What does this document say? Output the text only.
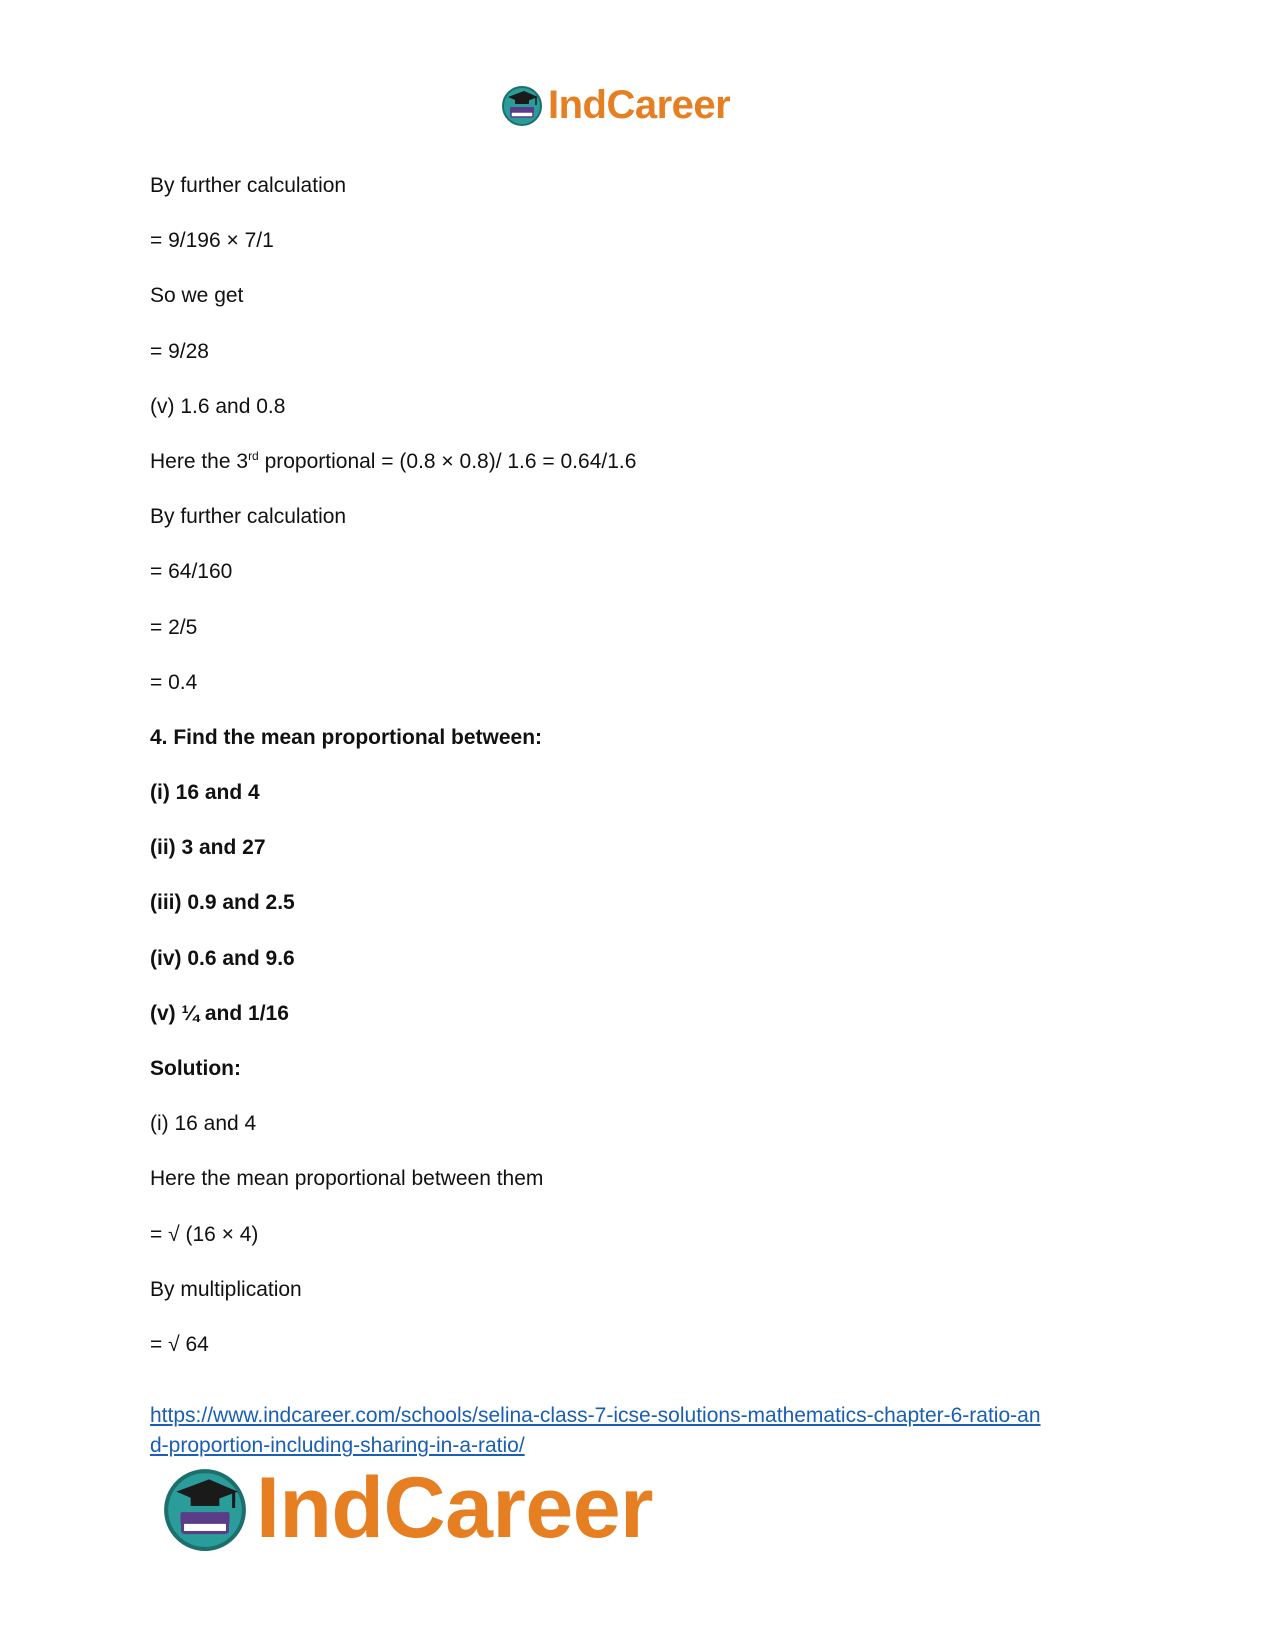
IndCareer
By further calculation
= 9/196 × 7/1
So we get
= 9/28
(v) 1.6 and 0.8
Here the 3rd proportional = (0.8 × 0.8)/ 1.6 = 0.64/1.6
By further calculation
= 64/160
= 2/5
= 0.4
4. Find the mean proportional between:
(i) 16 and 4
(ii) 3 and 27
(iii) 0.9 and 2.5
(iv) 0.6 and 9.6
(v) ¼ and 1/16
Solution:
(i) 16 and 4
Here the mean proportional between them
= √ (16 × 4)
By multiplication
= √ 64
https://www.indcareer.com/schools/selina-class-7-icse-solutions-mathematics-chapter-6-ratio-an
d-proportion-including-sharing-in-a-ratio/
IndCareer
